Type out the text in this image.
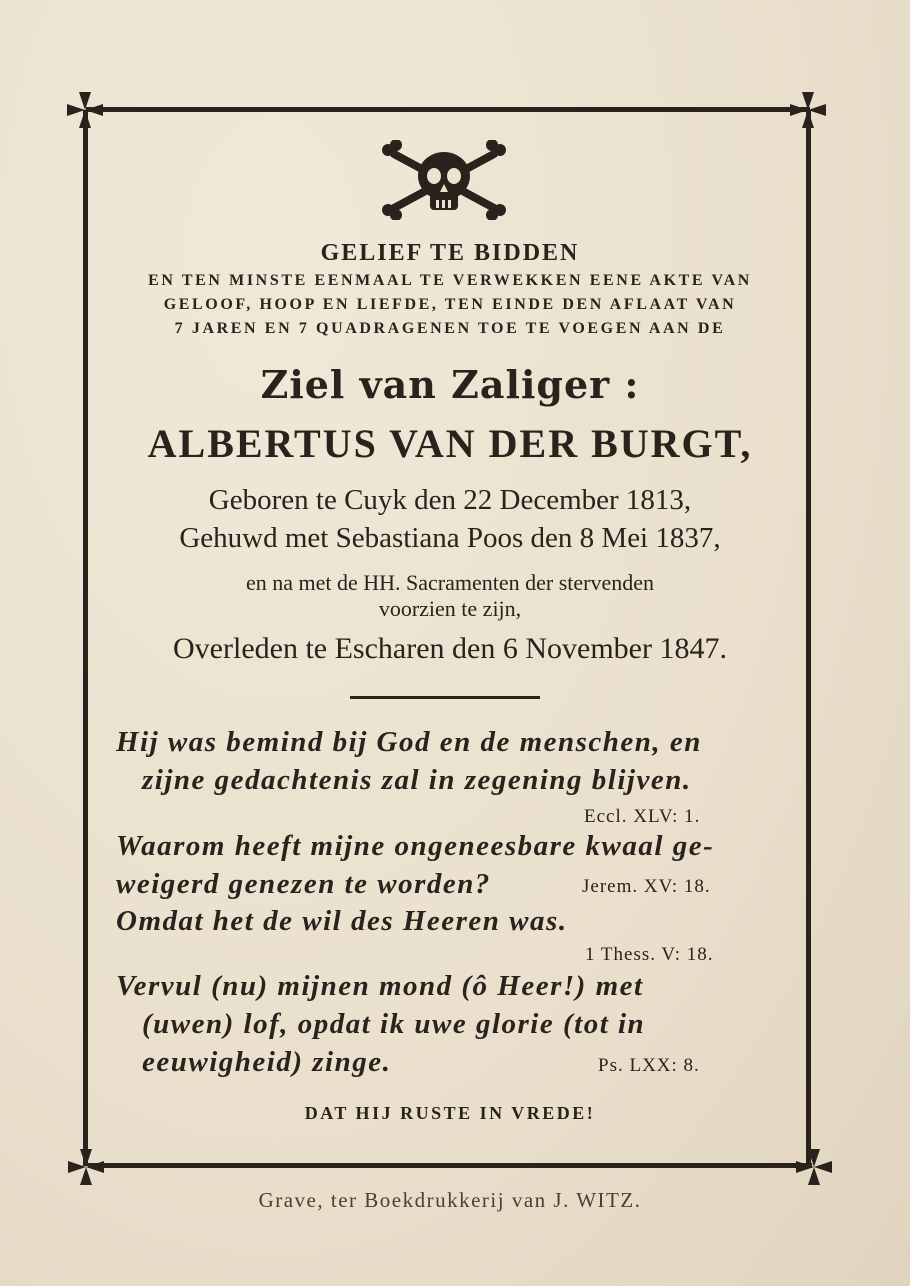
GELIEF TE BIDDEN
EN TEN MINSTE EENMAAL TE VERWEKKEN EENE AKTE VAN
GELOOF, HOOP EN LIEFDE, TEN EINDE DEN AFLAAT VAN
7 JAREN EN 7 QUADRAGENEN TOE TE VOEGEN AAN DE
Ziel van Zaliger :
ALBERTUS VAN DER BURGT,
Geboren te Cuyk den 22 December 1813,
Gehuwd met Sebastiana Poos den 8 Mei 1837,
en na met de HH. Sacramenten der stervenden
voorzien te zijn,
Overleden te Escharen den 6 November 1847.
Hij was bemind bij God en de menschen, en
zijne gedachtenis zal in zegening blijven.
Eccl. XLV: 1.
Waarom heeft mijne ongeneesbare kwaal ge-
weigerd genezen te worden?	Jerem. XV: 18.
Omdat het de wil des Heeren was.
1 Thess. V: 18.
Vervul (nu) mijnen mond (ô Heer!) met
(uwen) lof, opdat ik uwe glorie (tot in
eeuwigheid) zinge.	Ps. LXX: 8.
DAT HIJ RUSTE IN VREDE!
Grave, ter Boekdrukkerij van J. WITZ.
